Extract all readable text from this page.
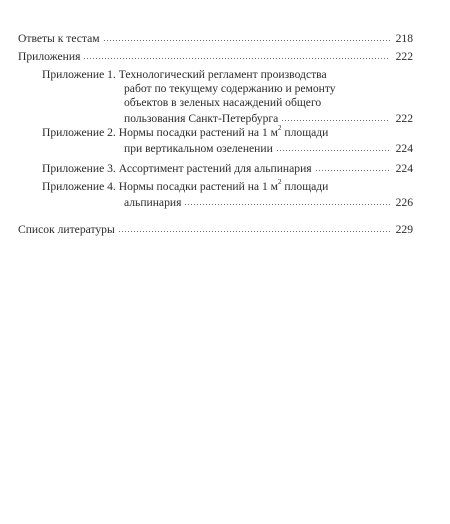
Ответы к тестам	218
Приложения	222
Приложение 1. Технологический регламент производства
работ по текущему содержанию и ремонту
объектов в зеленых насаждений общего
пользования Санкт-Петербурга	222
Приложение 2. Нормы посадки растений на 1 $м^2$ площади
при вертикальном озеленении	224
Приложение 3. Ассортимент растений для альпинария	224
Приложение 4. Нормы посадки растений на 1 $м^2$ площади
альпинария	226
Список литературы	229
